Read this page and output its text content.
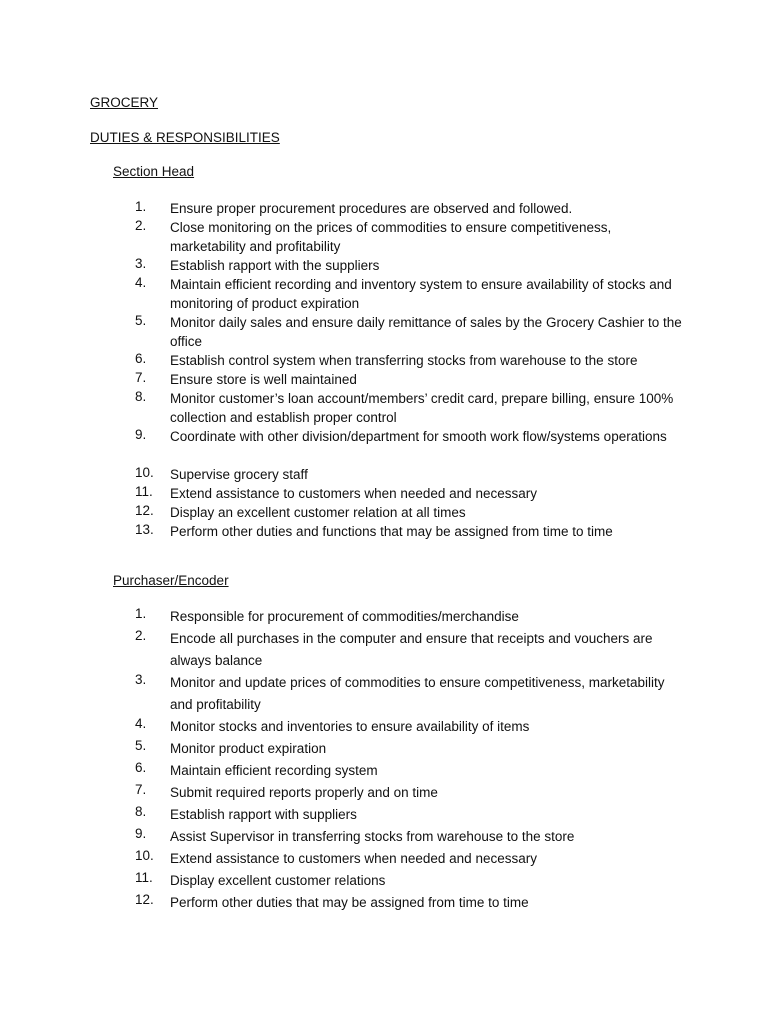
GROCERY
DUTIES & RESPONSIBILITIES
Section Head
1.	Ensure proper procurement procedures are observed and followed.
2.	Close monitoring on the prices of commodities to ensure competitiveness, marketability and profitability
3.	Establish rapport with the suppliers
4.	Maintain efficient recording and inventory system to ensure availability of stocks and monitoring of product expiration
5.	Monitor daily sales and ensure daily remittance of sales by the Grocery Cashier to the office
6.	Establish control system when transferring stocks from warehouse to the store
7.	Ensure store is well maintained
8.	Monitor customer’s loan account/members’ credit card, prepare billing, ensure 100% collection and establish proper control
9.	Coordinate with other division/department for smooth work flow/systems operations
10.	Supervise grocery staff
11.	Extend assistance to customers when needed and necessary
12.	Display an excellent customer relation at all times
13.	Perform other duties and functions that may be assigned from time to time
Purchaser/Encoder
1.	Responsible for procurement of commodities/merchandise
2.	Encode all purchases in the computer and ensure that receipts and vouchers are always balance
3.	Monitor and update prices of commodities to ensure competitiveness, marketability and profitability
4.	Monitor stocks and inventories to ensure availability of items
5.	Monitor product expiration
6.	Maintain efficient recording system
7.	Submit required reports properly and on time
8.	Establish rapport with suppliers
9.	Assist Supervisor in transferring stocks from warehouse to the store
10.	Extend assistance to customers when needed and necessary
11.	Display excellent customer relations
12.	Perform other duties that may be assigned from time to time
